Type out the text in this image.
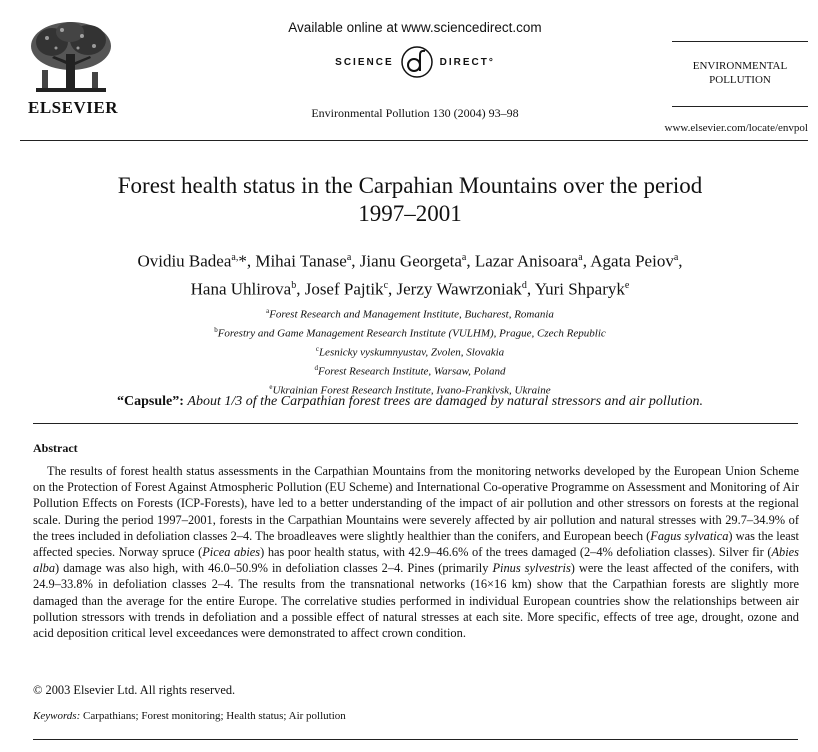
ELSEVIER
Available online at www.sciencedirect.com
SCIENCE	DIRECT°
Environmental Pollution 130 (2004) 93–98
ENVIRONMENTAL
POLLUTION
www.elsevier.com/locate/envpol
Forest health status in the Carpahian Mountains over the period
1997–2001
Ovidiu Badea$^{a,}$*, Mihai Tanase$^a$, Jianu Georgeta$^a$, Lazar Anisoara$^a$, Agata Peiov$^a$,
Hana Uhlirova$^b$, Josef Pajtik$^c$, Jerzy Wawrzoniak$^d$, Yuri Shparyk$^e$
$^a$Forest Research and Management Institute, Bucharest, Romania
$^b$Forestry and Game Management Research Institute (VULHM), Prague, Czech Republic
$^c$Lesnicky vyskumnyustav, Zvolen, Slovakia
$^d$Forest Research Institute, Warsaw, Poland
$^e$Ukrainian Forest Research Institute, Ivano-Frankivsk, Ukraine
“Capsule”: About 1/3 of the Carpathian forest trees are damaged by natural stressors and air pollution.
Abstract
The results of forest health status assessments in the Carpathian Mountains from the monitoring networks developed by the European Union Scheme on the Protection of Forest Against Atmospheric Pollution (EU Scheme) and International Co-operative Programme on Assessment and Monitoring of Air Pollution Effects on Forests (ICP-Forests), have led to a better understanding of the impact of air pollution and other stressors on forests at the regional scale. During the period 1997–2001, forests in the Carpathian Mountains were severely affected by air pollution and natural stresses with 29.7–34.9% of the trees included in defoliation classes 2–4. The broadleaves were slightly healthier than the conifers, and European beech (Fagus sylvatica) was the least affected species. Norway spruce (Picea abies) has poor health status, with 42.9–46.6% of the trees damaged (2–4% defoliation classes). Silver fir (Abies alba) damage was also high, with 46.0–50.9% in defoliation classes 2–4. Pines (primarily Pinus sylvestris) were the least affected of the conifers, with 24.9–33.8% in defoliation classes 2–4. The results from the transnational networks (16×16 km) show that the Carpathian forests are slightly more damaged than the average for the entire Europe. The correlative studies performed in individual European countries show the relationships between air pollution stressors with trends in defoliation and a possible effect of natural stresses at each site. More specific, effects of tree age, drought, ozone and acid deposition critical level exceedances were demonstrated to affect crown condition.
© 2003 Elsevier Ltd. All rights reserved.
Keywords: Carpathians; Forest monitoring; Health status; Air pollution
